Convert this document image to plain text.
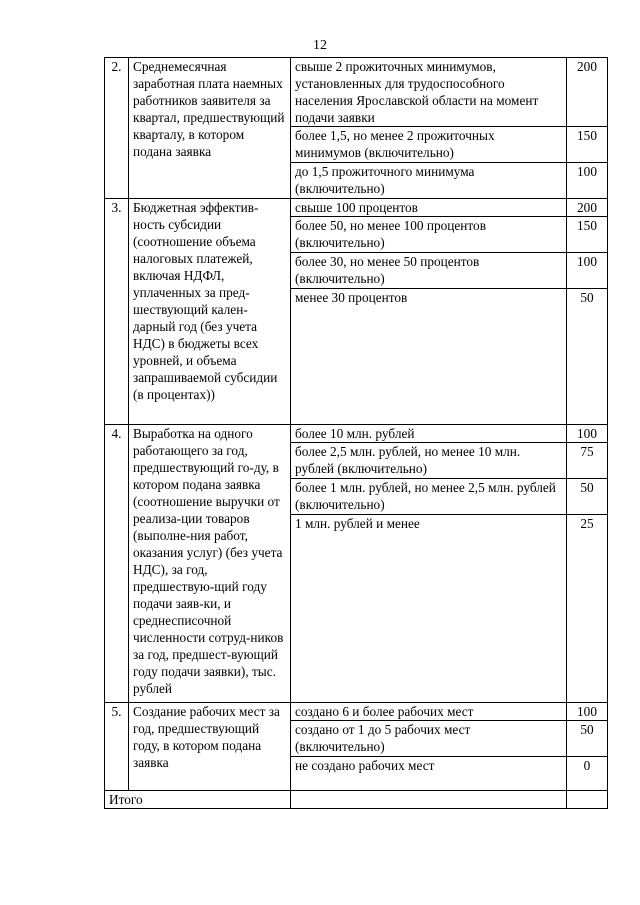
12
2.	Среднемесячная заработная плата наемных работников заявителя за квартал, предшествующий кварталу, в котором подана заявка	свыше 2 прожиточных минимумов, установленных для трудоспособного населения Ярославской области на момент подачи заявки	200
		более 1,5, но менее 2 прожиточных минимумов (включительно)	150
		до 1,5 прожиточного минимума (включительно)	100
3.	Бюджетная эффектив-ность субсидии (соотношение объема налоговых платежей, включая НДФЛ, уплаченных за пред-шествующий кален-дарный год (без учета НДС) в бюджеты всех уровней, и объема запрашиваемой субсидии (в процентах))	свыше 100 процентов	200
		более 50, но менее 100 процентов (включительно)	150
		более 30, но менее 50 процентов (включительно)	100
		менее 30 процентов	50
4.	Выработка на одного работающего за год, предшествующий го-ду, в котором подана заявка (соотношение выручки от реализа-ции товаров (выполне-ния работ, оказания услуг) (без учета НДС), за год, предшествую-щий году подачи заяв-ки, и среднесписочной численности сотруд-ников за год, предшест-вующий году подачи заявки), тыс. рублей	более 10 млн. рублей	100
		более 2,5 млн. рублей, но менее 10 млн. рублей (включительно)	75
		более 1 млн. рублей, но менее 2,5 млн. рублей (включительно)	50
		1 млн. рублей и менее	25
5.	Создание рабочих мест за год, предшествующий году, в котором подана заявка	создано 6 и более рабочих мест	100
		создано от 1 до 5 рабочих мест (включительно)	50
		не создано рабочих мест	0
Итого			
